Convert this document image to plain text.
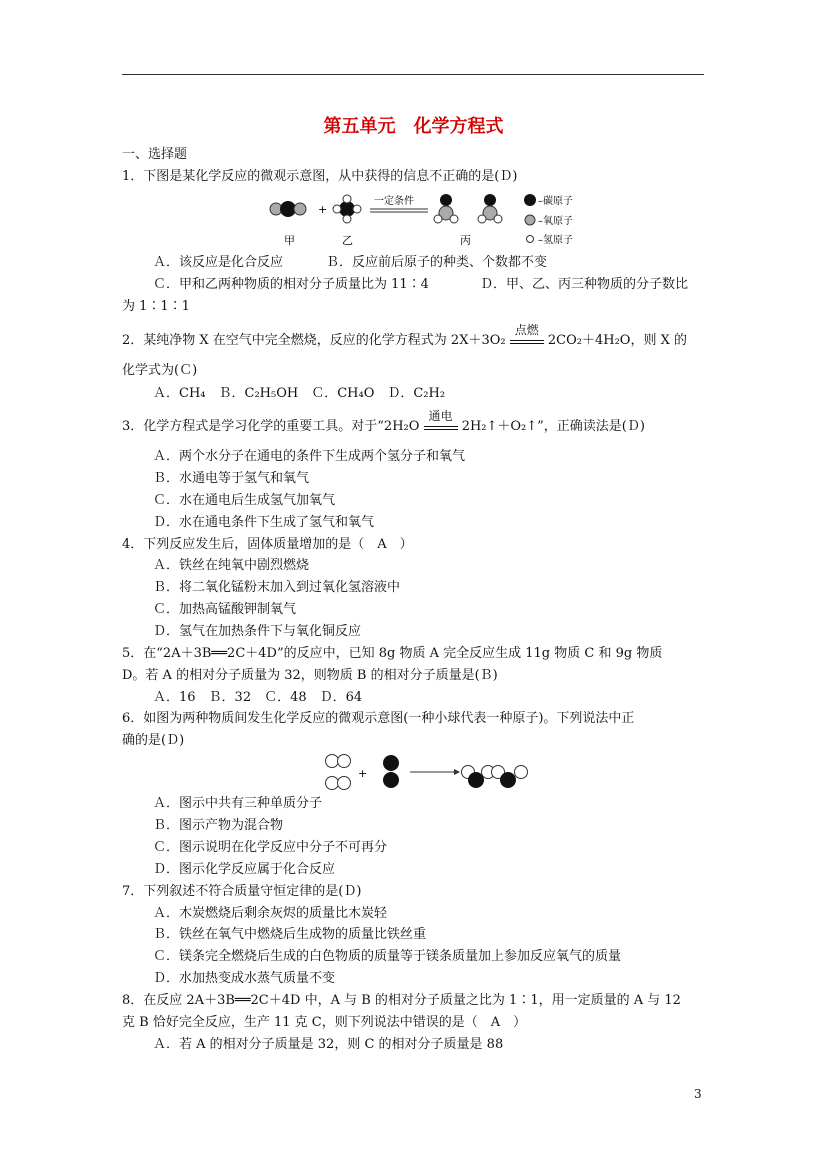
第五单元　化学方程式
一、选择题
1．下图是某化学反应的微观示意图，从中获得的信息不正确的是(Ｄ)
+
一定条件	–碳原子
–氧原子
–氢原子
甲	乙	丙
Ａ．该反应是化合反应	Ｂ．反应前后原子的种类、个数都不变
Ｃ．甲和乙两种物质的相对分子质量比为 11∶4	Ｄ．甲、乙、丙三种物质的分子数比
为 1∶1∶1
2．某纯净物 X 在空气中完全燃烧，反应的化学方程式为 2X＋3O₂
点燃
2CO₂＋4H₂O，则 X 的
化学式为(Ｃ)
Ａ．CH₄　Ｂ．C₂H₅OH　Ｃ．CH₄O　Ｄ．C₂H₂
3．化学方程式是学习化学的重要工具。对于“2H₂O
通电
2H₂↑＋O₂↑”，正确读法是(Ｄ)
Ａ．两个水分子在通电的条件下生成两个氢分子和氧气
Ｂ．水通电等于氢气和氧气
Ｃ．水在通电后生成氢气加氧气
Ｄ．水在通电条件下生成了氢气和氧气
4．下列反应发生后，固体质量增加的是（　A　）
Ａ．铁丝在纯氧中剧烈燃烧
Ｂ．将二氧化锰粉末加入到过氧化氢溶液中
Ｃ．加热高锰酸钾制氧气
Ｄ．氢气在加热条件下与氧化铜反应
5．在“2A＋3B══2C＋4D”的反应中，已知 8g 物质 A 完全反应生成 11g 物质 C 和 9g 物质
D。若 A 的相对分子质量为 32，则物质 B 的相对分子质量是(Ｂ)
Ａ．16　Ｂ．32　Ｃ．48　Ｄ．64
6．如图为两种物质间发生化学反应的微观示意图(一种小球代表一种原子)。下列说法中正
确的是(Ｄ)
+
Ａ．图示中共有三种单质分子
Ｂ．图示产物为混合物
Ｃ．图示说明在化学反应中分子不可再分
Ｄ．图示化学反应属于化合反应
7．下列叙述不符合质量守恒定律的是(Ｄ)
Ａ．木炭燃烧后剩余灰烬的质量比木炭轻
Ｂ．铁丝在氧气中燃烧后生成物的质量比铁丝重
Ｃ．镁条完全燃烧后生成的白色物质的质量等于镁条质量加上参加反应氧气的质量
Ｄ．水加热变成水蒸气质量不变
8．在反应 2A＋3B══2C＋4D 中，A 与 B 的相对分子质量之比为 1∶1，用一定质量的 A 与 12
克 B 恰好完全反应，生产 11 克 C，则下列说法中错误的是（　A　）
Ａ．若 A 的相对分子质量是 32，则 C 的相对分子质量是 88
3
